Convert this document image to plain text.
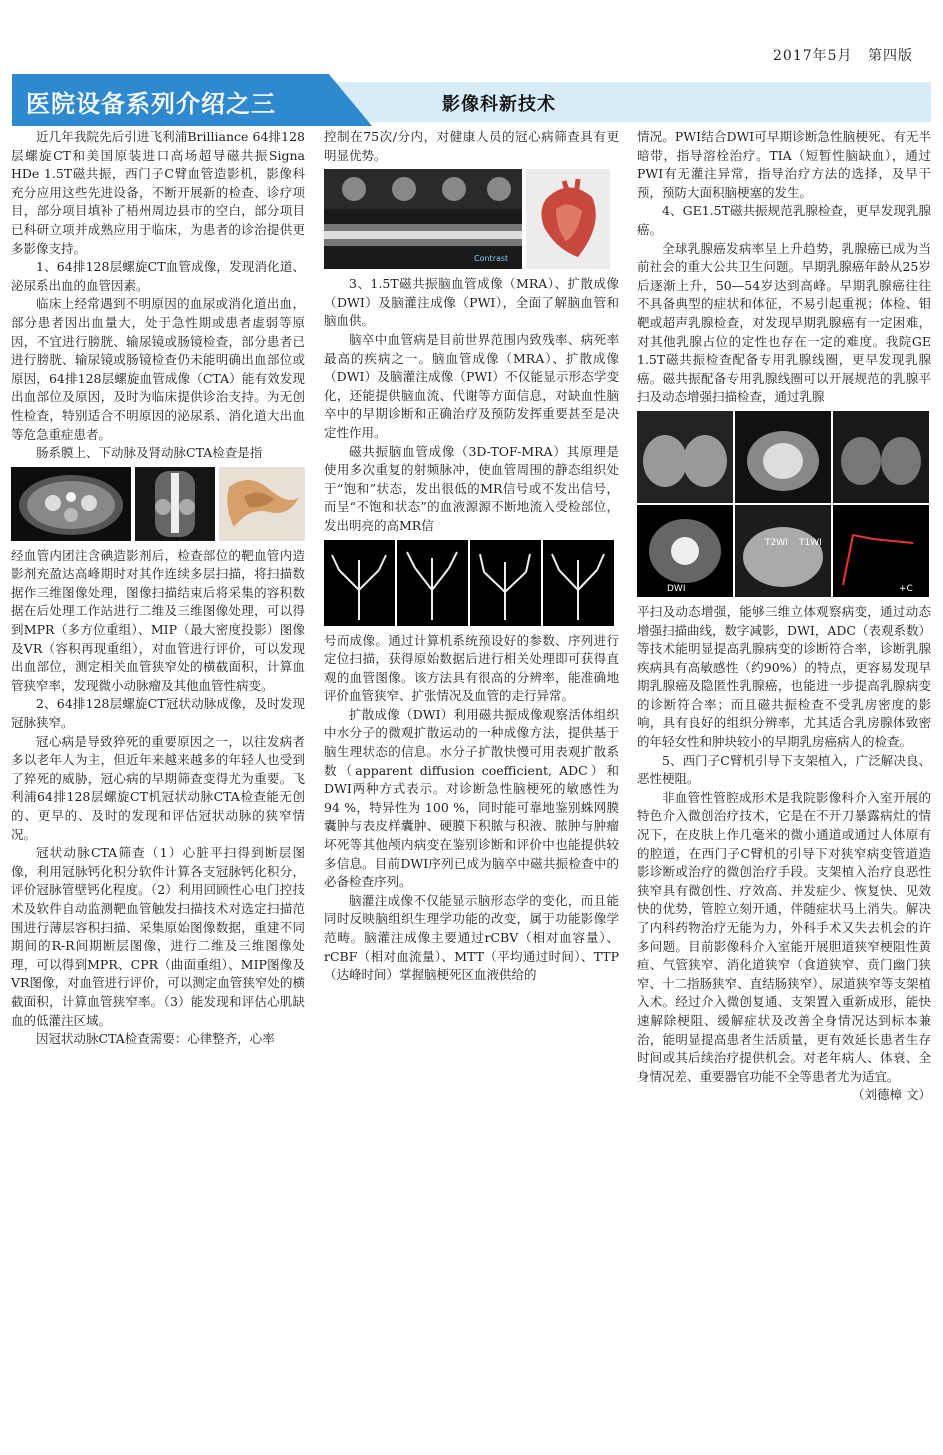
2017年5月 第四版
医院设备系列介绍之三	影像科新技术

近几年我院先后引进飞利浦Brilliance 64排128层螺旋CT和美国原装进口高场超导磁共振Signa HDe 1.5T磁共振，西门子C臂血管造影机，影像科充分应用这些先进设备，不断开展新的检查、诊疗项目，部分项目填补了梧州周边县市的空白，部分项目已科研立项并成熟应用于临床，为患者的诊治提供更多影像支持。

1、64排128层螺旋CT血管成像，发现消化道、泌尿系出血的血管因素。

临床上经常遇到不明原因的血尿或消化道出血，部分患者因出血量大，处于急性期或患者虚弱等原因，不宜进行膀胱、输尿镜或肠镜检查，部分患者已进行膀胱、输尿镜或肠镜检查仍未能明确出血部位或原因，64排128层螺旋血管成像（CTA）能有效发现出血部位及原因，及时为临床提供诊治支持。为无创性检查，特别适合不明原因的泌尿系、消化道大出血等危急重症患者。

肠系膜上、下动脉及肾动脉CTA检查是指

经血管内团注含碘造影剂后，检查部位的靶血管内造影剂充盈达高峰期时对其作连续多层扫描，将扫描数据作三维图像处理，图像扫描结束后将采集的容积数据在后处理工作站进行二维及三维图像处理，可以得到MPR（多方位重组）、MIP（最大密度投影）图像及VR（容积再现重组），对血管进行评价，可以发现出血部位，测定相关血管狭窄处的横截面积，计算血管狭窄率，发现微小动脉瘤及其他血管性病变。

2、64排128层螺旋CT冠状动脉成像，及时发现冠脉狭窄。

冠心病是导致猝死的重要原因之一，以往发病者多以老年人为主，但近年来越来越多的年轻人也受到了猝死的威胁，冠心病的早期筛查变得尤为重要。飞利浦64排128层螺旋CT机冠状动脉CTA检查能无创的、更早的、及时的发现和评估冠状动脉的狭窄情况。

冠状动脉CTA筛查（1）心脏平扫得到断层图像，利用冠脉钙化积分软件计算各支冠脉钙化积分，评价冠脉管壁钙化程度。（2）利用回顾性心电门控技术及软件自动监测靶血管触发扫描技术对选定扫描范围进行薄层容积扫描、采集原始图像数据，重建不同期间的R-R间期断层图像，进行二维及三维图像处理，可以得到MPR、CPR（曲面重组）、MIP图像及VR图像，对血管进行评价，可以测定血管狭窄处的横截面积，计算血管狭窄率。（3）能发现和评估心肌缺血的低灌注区域。

因冠状动脉CTA检查需要：心律整齐，心率

控制在75次/分内，对健康人员的冠心病筛查具有更明显优势。

Contrast

3、1.5T磁共振脑血管成像（MRA）、扩散成像（DWI）及脑灌注成像（PWI），全面了解脑血管和脑血供。

脑卒中血管病是目前世界范围内致残率、病死率最高的疾病之一。脑血管成像（MRA）、扩散成像（DWI）及脑灌注成像（PWI）不仅能显示形态学变化，还能提供脑血流、代谢等方面信息，对缺血性脑卒中的早期诊断和正确治疗及预防发挥重要甚至是决定性作用。

磁共振脑血管成像（3D-TOF-MRA）其原理是使用多次重复的射频脉冲，使血管周围的静态组织处于“饱和”状态，发出很低的MR信号或不发出信号，而呈“不饱和状态”的血液源源不断地流入受检部位，发出明亮的高MR信

号而成像。通过计算机系统预设好的参数、序列进行定位扫描，获得原始数据后进行相关处理即可获得直观的血管图像。该方法具有很高的分辨率，能准确地评价血管狭窄、扩张情况及血管的走行异常。

扩散成像（DWI）利用磁共振成像观察活体组织中水分子的微观扩散运动的一种成像方法，提供基于脑生理状态的信息。水分子扩散快慢可用表观扩散系数（apparent diffusion coefficient, ADC）和DWI两种方式表示。对诊断急性脑梗死的敏感性为 94 %，特异性为 100 %，同时能可靠地鉴别蛛网膜囊肿与表皮样囊肿、硬膜下积脓与积液、脓肿与肿瘤坏死等其他颅内病变在鉴别诊断和评价中也能提供较多信息。目前DWI序列已成为脑卒中磁共振检查中的必备检查序列。

脑灌注成像不仅能显示脑形态学的变化，而且能同时反映脑组织生理学功能的改变，属于功能影像学范畴。脑灌注成像主要通过rCBV（相对血容量）、rCBF（相对血流量）、MTT（平均通过时间）、TTP（达峰时间）掌握脑梗死区血液供给的

情况。PWI结合DWI可早期诊断急性脑梗死、有无半暗带，指导溶栓治疗。TIA（短暂性脑缺血），通过PWI有无灌注异常，指导治疗方法的选择，及早干预，预防大面积脑梗塞的发生。

4、GE1.5T磁共振规范乳腺检查，更早发现乳腺癌。

全球乳腺癌发病率呈上升趋势，乳腺癌已成为当前社会的重大公共卫生问题。早期乳腺癌年龄从25岁后逐渐上升，50—54岁达到高峰。早期乳腺癌往往不具备典型的症状和体征，不易引起重视；体检、钼靶或超声乳腺检查，对发现早期乳腺癌有一定困难，对其他乳腺占位的定性也存在一定的难度。我院GE 1.5T磁共振检查配备专用乳腺线圈，更早发现乳腺癌。磁共振配备专用乳腺线圈可以开展规范的乳腺平扫及动态增强扫描检查，通过乳腺

DWI
T2WI T1WI
+C

平扫及动态增强，能够三维立体观察病变，通过动态增强扫描曲线，数字减影，DWI，ADC（表观系数）等技术能明显提高乳腺病变的诊断符合率，诊断乳腺疾病具有高敏感性（约90%）的特点，更容易发现早期乳腺癌及隐匿性乳腺癌，也能进一步提高乳腺病变的诊断符合率；而且磁共振检查不受乳房密度的影响，具有良好的组织分辨率，尤其适合乳房腺体致密的年轻女性和肿块较小的早期乳房癌病人的检查。

5、西门子C臂机引导下支架植入，广泛解决良、恶性梗阻。

非血管性管腔成形术是我院影像科介入室开展的特色介入微创治疗技术，它是在不开刀暴露病灶的情况下，在皮肤上作几毫米的微小通道或通过人体原有的腔道，在西门子C臂机的引导下对狭窄病变管道造影诊断或治疗的微创治疗手段。支架植入治疗良恶性狭窄具有微创性、疗效高、并发症少、恢复快、见效快的优势，管腔立刻开通，伴随症状马上消失。解决了内科药物治疗无能为力，外科手术又失去机会的许多问题。目前影像科介入室能开展胆道狭窄梗阻性黄疸、气管狭窄、消化道狭窄（食道狭窄、贲门幽门狭窄、十二指肠狭窄、直结肠狭窄）、尿道狭窄等支架植入术。经过介入微创复通、支架置入重新成形，能快速解除梗阻、缓解症状及改善全身情况达到标本兼治，能明显提高患者生活质量，更有效延长患者生存时间或其后续治疗提供机会。对老年病人、体衰、全身情况差、重要器官功能不全等患者尤为适宜。

（刘德樟 文）
